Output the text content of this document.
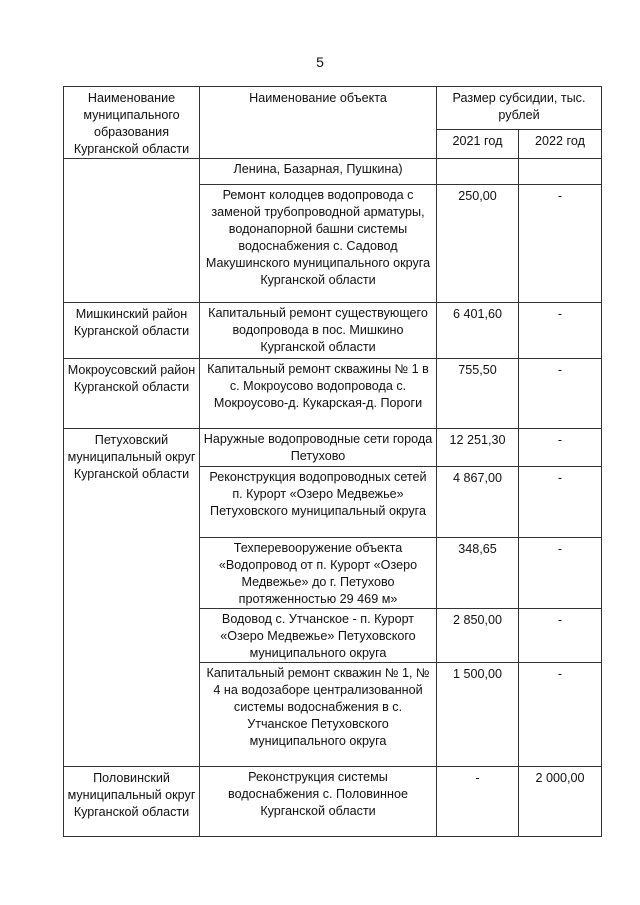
5
Наименование муниципального образования Курганской области	Наименование объекта	Размер субсидии, тыс. рублей	
		2021 год	2022 год
	Ленина, Базарная, Пушкина)		
	Ремонт колодцев водопровода с заменой трубопроводной арматуры, водонапорной башни системы водоснабжения с. Садовод Макушинского муниципального округа Курганской области	250,00	-
Мишкинский район Курганской области	Капитальный ремонт существующего водопровода в пос. Мишкино Курганской области	6 401,60	-
Мокроусовский район Курганской области	Капитальный ремонт скважины № 1 в с. Мокроусово водопровода с. Мокроусово-д. Кукарская-д. Пороги	755,50	-
Петуховский муниципальный округ Курганской области	Наружные водопроводные сети города Петухово	12 251,30	-
	Реконструкция водопроводных сетей п. Курорт «Озеро Медвежье» Петуховского муниципальный округа	4 867,00	-
	Техперевооружение объекта «Водопровод от п. Курорт «Озеро Медвежье» до г. Петухово протяженностью 29 469 м»	348,65	-
	Водовод с. Утчанское - п. Курорт «Озеро Медвежье» Петуховского муниципального округа	2 850,00	-
	Капитальный ремонт скважин № 1, № 4 на водозаборе централизованной системы водоснабжения в с. Утчанское Петуховского муниципального округа	1 500,00	-
Половинский муниципальный округ Курганской области	Реконструкция системы водоснабжения с. Половинное Курганской области	-	2 000,00
